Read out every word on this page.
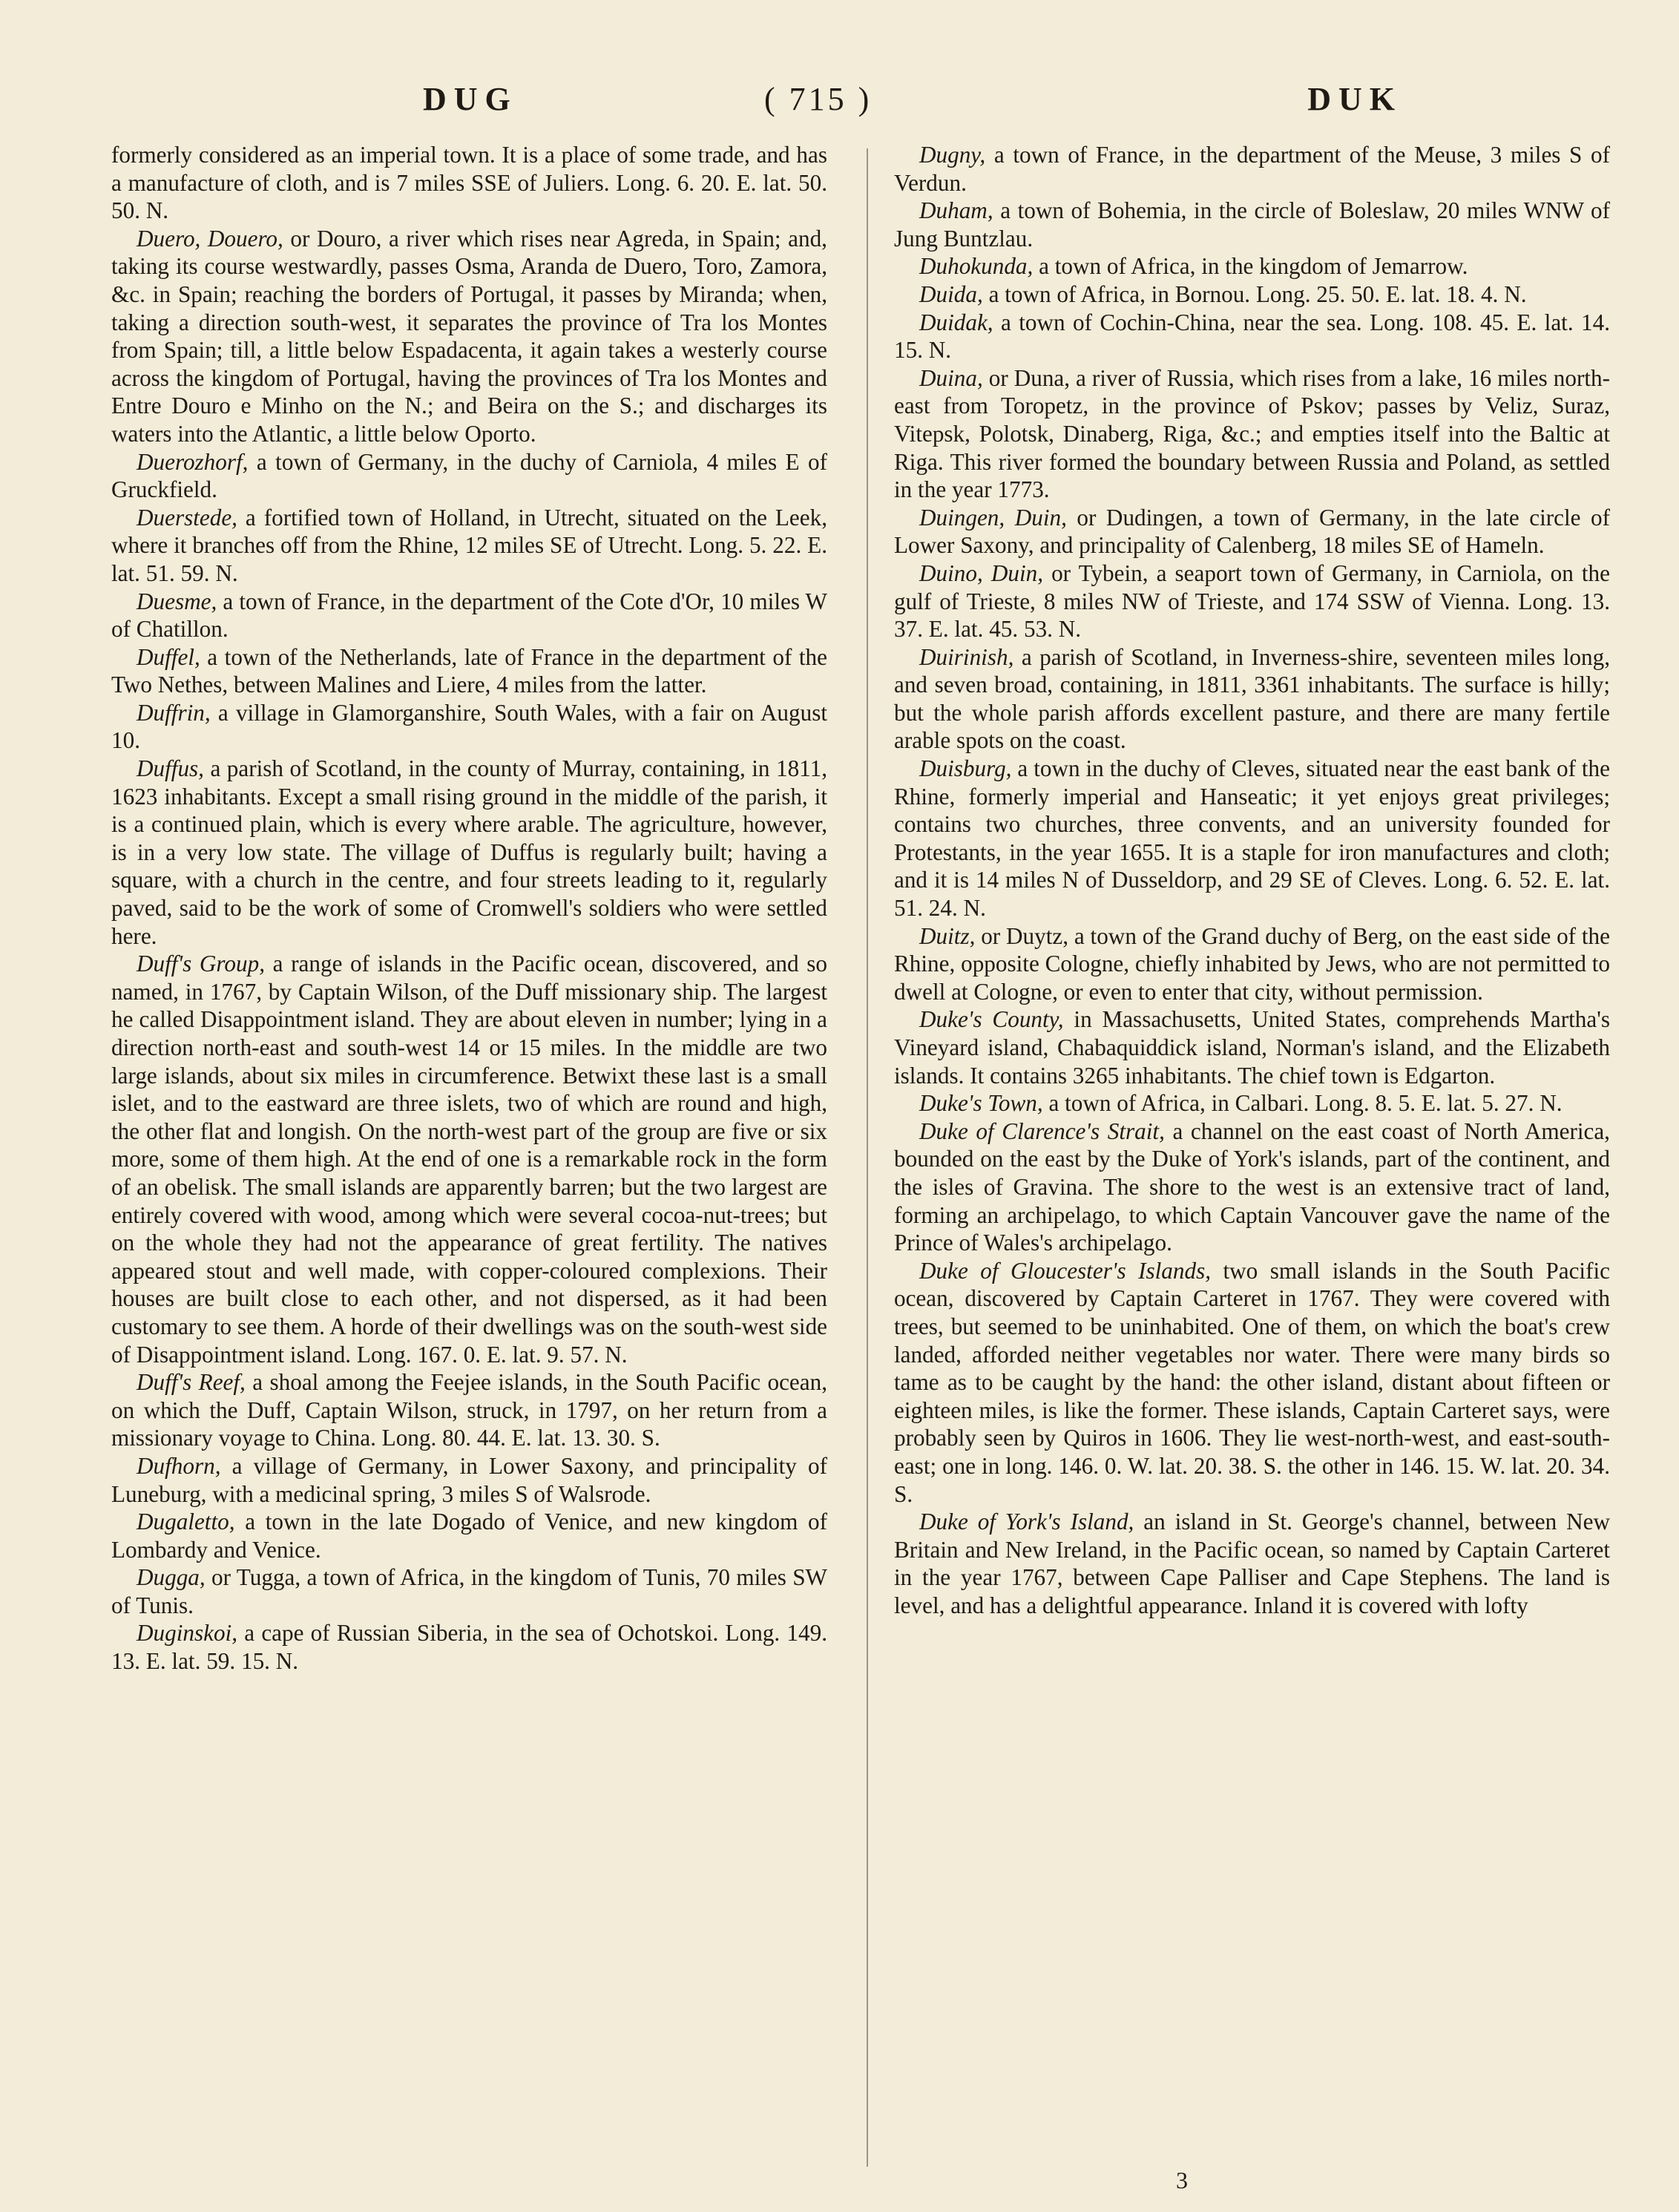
DUG	( 715 )	DUK

formerly considered as an imperial town. It is a place of some trade, and has a manufacture of cloth, and is 7 miles SSE of Juliers. Long. 6. 20. E. lat. 50. 50. N.

Duero, Douero, or Douro, a river which rises near Agreda, in Spain; and, taking its course westwardly, passes Osma, Aranda de Duero, Toro, Zamora, &c. in Spain; reaching the borders of Portugal, it passes by Miranda; when, taking a direction south-west, it separates the province of Tra los Montes from Spain; till, a little below Espadacenta, it again takes a westerly course across the kingdom of Portugal, having the provinces of Tra los Montes and Entre Douro e Minho on the N.; and Beira on the S.; and discharges its waters into the Atlantic, a little below Oporto.

Duerozhorf, a town of Germany, in the duchy of Carniola, 4 miles E of Gruckfield.

Duerstede, a fortified town of Holland, in Utrecht, situated on the Leek, where it branches off from the Rhine, 12 miles SE of Utrecht. Long. 5. 22. E. lat. 51. 59. N.

Duesme, a town of France, in the department of the Cote d'Or, 10 miles W of Chatillon.

Duffel, a town of the Netherlands, late of France in the department of the Two Nethes, between Malines and Liere, 4 miles from the latter.

Duffrin, a village in Glamorganshire, South Wales, with a fair on August 10.

Duffus, a parish of Scotland, in the county of Murray, containing, in 1811, 1623 inhabitants. Except a small rising ground in the middle of the parish, it is a continued plain, which is every where arable. The agriculture, however, is in a very low state. The village of Duffus is regularly built; having a square, with a church in the centre, and four streets leading to it, regularly paved, said to be the work of some of Cromwell's soldiers who were settled here.

Duff's Group, a range of islands in the Pacific ocean, discovered, and so named, in 1767, by Captain Wilson, of the Duff missionary ship. The largest he called Disappointment island. They are about eleven in number; lying in a direction north-east and south-west 14 or 15 miles. In the middle are two large islands, about six miles in circumference. Betwixt these last is a small islet, and to the eastward are three islets, two of which are round and high, the other flat and longish. On the north-west part of the group are five or six more, some of them high. At the end of one is a remarkable rock in the form of an obelisk. The small islands are apparently barren; but the two largest are entirely covered with wood, among which were several cocoa-nut-trees; but on the whole they had not the appearance of great fertility. The natives appeared stout and well made, with copper-coloured complexions. Their houses are built close to each other, and not dispersed, as it had been customary to see them. A horde of their dwellings was on the south-west side of Disappointment island. Long. 167. 0. E. lat. 9. 57. N.

Duff's Reef, a shoal among the Feejee islands, in the South Pacific ocean, on which the Duff, Captain Wilson, struck, in 1797, on her return from a missionary voyage to China. Long. 80. 44. E. lat. 13. 30. S.

Dufhorn, a village of Germany, in Lower Saxony, and principality of Luneburg, with a medicinal spring, 3 miles S of Walsrode.

Dugaletto, a town in the late Dogado of Venice, and new kingdom of Lombardy and Venice.

Dugga, or Tugga, a town of Africa, in the kingdom of Tunis, 70 miles SW of Tunis.

Duginskoi, a cape of Russian Siberia, in the sea of Ochotskoi. Long. 149. 13. E. lat. 59. 15. N.

Dugny, a town of France, in the department of the Meuse, 3 miles S of Verdun.

Duham, a town of Bohemia, in the circle of Boleslaw, 20 miles WNW of Jung Buntzlau.

Duhokunda, a town of Africa, in the kingdom of Jemarrow.

Duida, a town of Africa, in Bornou. Long. 25. 50. E. lat. 18. 4. N.

Duidak, a town of Cochin-China, near the sea. Long. 108. 45. E. lat. 14. 15. N.

Duina, or Duna, a river of Russia, which rises from a lake, 16 miles north-east from Toropetz, in the province of Pskov; passes by Veliz, Suraz, Vitepsk, Polotsk, Dinaberg, Riga, &c.; and empties itself into the Baltic at Riga. This river formed the boundary between Russia and Poland, as settled in the year 1773.

Duingen, Duin, or Dudingen, a town of Germany, in the late circle of Lower Saxony, and principality of Calenberg, 18 miles SE of Hameln.

Duino, Duin, or Tybein, a seaport town of Germany, in Carniola, on the gulf of Trieste, 8 miles NW of Trieste, and 174 SSW of Vienna. Long. 13. 37. E. lat. 45. 53. N.

Duirinish, a parish of Scotland, in Inverness-shire, seventeen miles long, and seven broad, containing, in 1811, 3361 inhabitants. The surface is hilly; but the whole parish affords excellent pasture, and there are many fertile arable spots on the coast.

Duisburg, a town in the duchy of Cleves, situated near the east bank of the Rhine, formerly imperial and Hanseatic; it yet enjoys great privileges; contains two churches, three convents, and an university founded for Protestants, in the year 1655. It is a staple for iron manufactures and cloth; and it is 14 miles N of Dusseldorp, and 29 SE of Cleves. Long. 6. 52. E. lat. 51. 24. N.

Duitz, or Duytz, a town of the Grand duchy of Berg, on the east side of the Rhine, opposite Cologne, chiefly inhabited by Jews, who are not permitted to dwell at Cologne, or even to enter that city, without permission.

Duke's County, in Massachusetts, United States, comprehends Martha's Vineyard island, Chabaquiddick island, Norman's island, and the Elizabeth islands. It contains 3265 inhabitants. The chief town is Edgarton.

Duke's Town, a town of Africa, in Calbari. Long. 8. 5. E. lat. 5. 27. N.

Duke of Clarence's Strait, a channel on the east coast of North America, bounded on the east by the Duke of York's islands, part of the continent, and the isles of Gravina. The shore to the west is an extensive tract of land, forming an archipelago, to which Captain Vancouver gave the name of the Prince of Wales's archipelago.

Duke of Gloucester's Islands, two small islands in the South Pacific ocean, discovered by Captain Carteret in 1767. They were covered with trees, but seemed to be uninhabited. One of them, on which the boat's crew landed, afforded neither vegetables nor water. There were many birds so tame as to be caught by the hand: the other island, distant about fifteen or eighteen miles, is like the former. These islands, Captain Carteret says, were probably seen by Quiros in 1606. They lie west-north-west, and east-south-east; one in long. 146. 0. W. lat. 20. 38. S. the other in 146. 15. W. lat. 20. 34. S.

Duke of York's Island, an island in St. George's channel, between New Britain and New Ireland, in the Pacific ocean, so named by Captain Carteret in the year 1767, between Cape Palliser and Cape Stephens. The land is level, and has a delightful appearance. Inland it is covered with lofty

3
